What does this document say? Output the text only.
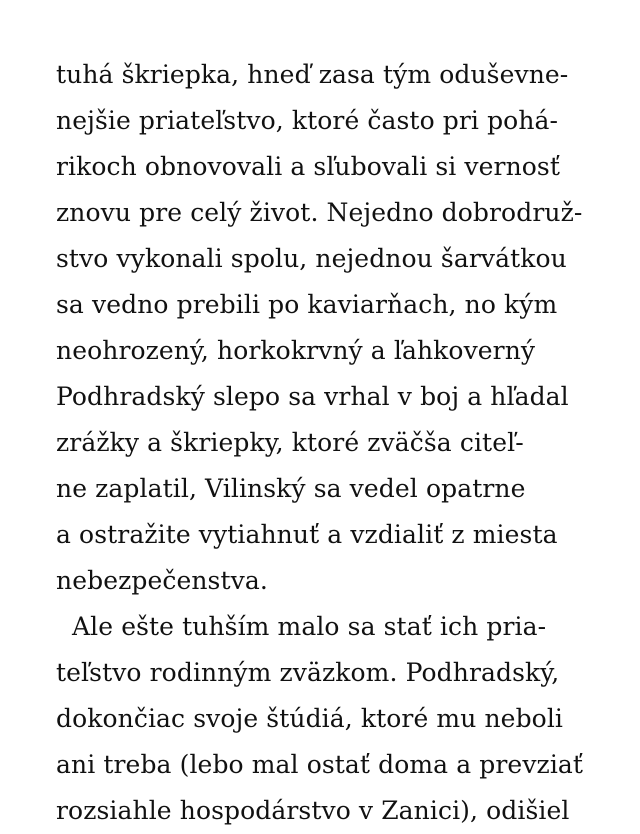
tuhá škriepka, hneď zasa tým oduševne-
nejšie priateľstvo, ktoré často pri pohá-
rikoch obnovovali a sľubovali si vernosť
znovu pre celý život. Nejedno dobrodruž-
stvo vykonali spolu, nejednou šarvátkou
sa vedno prebili po kaviarňach, no kým
neohrozený, horkokrvný a ľahkoverný
Podhradský slepo sa vrhal v boj a hľadal
zrážky a škriepky, ktoré zväčša citeľ-
ne zaplatil, Vilinský sa vedel opatrne
a ostražite vytiahnuť a vzdialiť z miesta
nebezpečenstva.
Ale ešte tuhším malo sa stať ich pria-
teľstvo rodinným zväzkom. Podhradský,
dokončiac svoje štúdiá, ktoré mu neboli
ani treba (lebo mal ostať doma a prevziať
rozsiahle hospodárstvo v Zanici), odišiel
